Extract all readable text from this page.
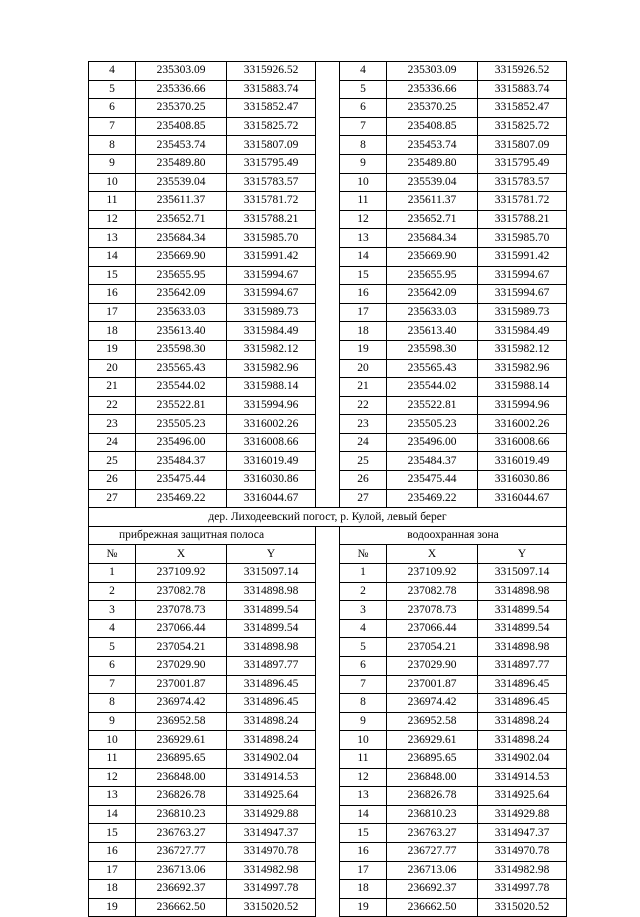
4	235303.09	3315926.52		4	235303.09	3315926.52
5	235336.66	3315883.74		5	235336.66	3315883.74
6	235370.25	3315852.47		6	235370.25	3315852.47
7	235408.85	3315825.72		7	235408.85	3315825.72
8	235453.74	3315807.09		8	235453.74	3315807.09
9	235489.80	3315795.49		9	235489.80	3315795.49
10	235539.04	3315783.57		10	235539.04	3315783.57
11	235611.37	3315781.72		11	235611.37	3315781.72
12	235652.71	3315788.21		12	235652.71	3315788.21
13	235684.34	3315985.70		13	235684.34	3315985.70
14	235669.90	3315991.42		14	235669.90	3315991.42
15	235655.95	3315994.67		15	235655.95	3315994.67
16	235642.09	3315994.67		16	235642.09	3315994.67
17	235633.03	3315989.73		17	235633.03	3315989.73
18	235613.40	3315984.49		18	235613.40	3315984.49
19	235598.30	3315982.12		19	235598.30	3315982.12
20	235565.43	3315982.96		20	235565.43	3315982.96
21	235544.02	3315988.14		21	235544.02	3315988.14
22	235522.81	3315994.96		22	235522.81	3315994.96
23	235505.23	3316002.26		23	235505.23	3316002.26
24	235496.00	3316008.66		24	235496.00	3316008.66
25	235484.37	3316019.49		25	235484.37	3316019.49
26	235475.44	3316030.86		26	235475.44	3316030.86
27	235469.22	3316044.67		27	235469.22	3316044.67
дер. Лиходеевский погост, р. Кулой, левый берег						
прибрежная защитная полоса				водоохранная зона		
№	X	Y		№	X	Y
1	237109.92	3315097.14		1	237109.92	3315097.14
2	237082.78	3314898.98		2	237082.78	3314898.98
3	237078.73	3314899.54		3	237078.73	3314899.54
4	237066.44	3314899.54		4	237066.44	3314899.54
5	237054.21	3314898.98		5	237054.21	3314898.98
6	237029.90	3314897.77		6	237029.90	3314897.77
7	237001.87	3314896.45		7	237001.87	3314896.45
8	236974.42	3314896.45		8	236974.42	3314896.45
9	236952.58	3314898.24		9	236952.58	3314898.24
10	236929.61	3314898.24		10	236929.61	3314898.24
11	236895.65	3314902.04		11	236895.65	3314902.04
12	236848.00	3314914.53		12	236848.00	3314914.53
13	236826.78	3314925.64		13	236826.78	3314925.64
14	236810.23	3314929.88		14	236810.23	3314929.88
15	236763.27	3314947.37		15	236763.27	3314947.37
16	236727.77	3314970.78		16	236727.77	3314970.78
17	236713.06	3314982.98		17	236713.06	3314982.98
18	236692.37	3314997.78		18	236692.37	3314997.78
19	236662.50	3315020.52		19	236662.50	3315020.52
